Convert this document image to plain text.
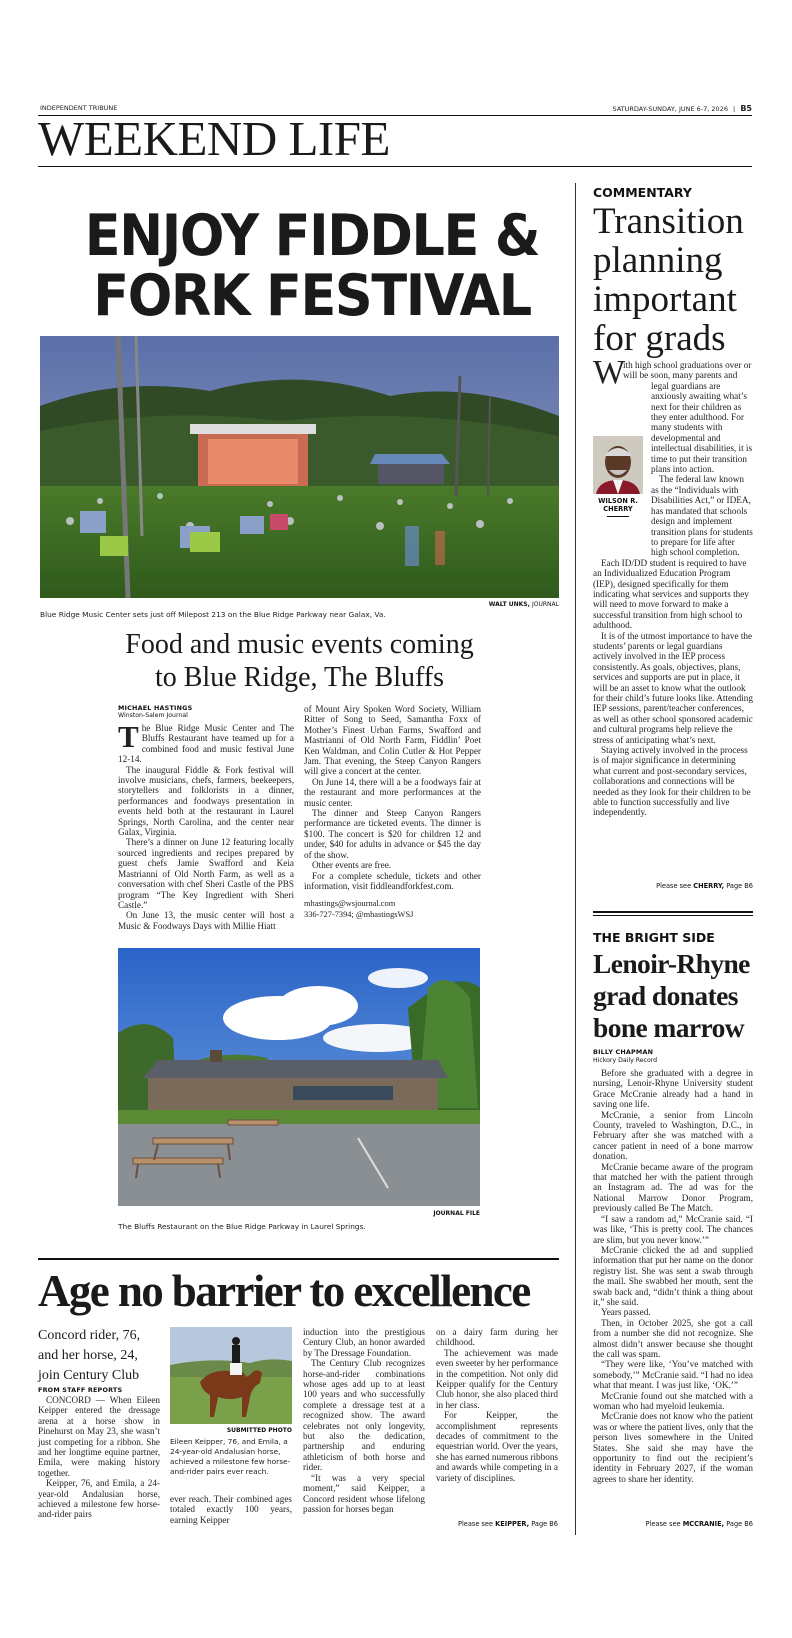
INDEPENDENT TRIBUNE	SATURDAY-SUNDAY, JUNE 6-7, 2026 | B5
WEEKEND LIFE
ENJOY FIDDLE &
FORK FESTIVAL
WALT UNKS, JOURNAL
Blue Ridge Music Center sets just off Milepost 213 on the Blue Ridge Parkway near Galax, Va.
Food and music events coming
to Blue Ridge, The Bluffs
MICHAEL HASTINGS
Winston-Salem Journal

The Blue Ridge Music Center and The Bluffs Restaurant have teamed up for a combined food and music festival June 12-14.

The inaugural Fiddle & Fork festival will involve musicians, chefs, farmers, beekeepers, storytellers and folklorists in a dinner, performances and foodways presentation in events held both at the restaurant in Laurel Springs, North Carolina, and the center near Galax, Virginia.

There’s a dinner on June 12 featuring locally sourced ingredients and recipes prepared by guest chefs Jamie Swafford and Keia Mastrianni of Old North Farm, as well as a conversation with chef Sheri Castle of the PBS program “The Key Ingredient with Sheri Castle.”

On June 13, the music center will host a Music & Foodways Days with Millie Hiatt

of Mount Airy Spoken Word Society, William Ritter of Song to Seed, Samantha Foxx of Mother’s Finest Urban Farms, Swafford and Mastrianni of Old North Farm, Fiddlin’ Poet Ken Waldman, and Colin Cutler & Hot Pepper Jam. That evening, the Steep Canyon Rangers will give a concert at the center.

On June 14, there will a be a foodways fair at the restaurant and more performances at the music center.

The dinner and Steep Canyon Rangers performance are ticketed events. The dinner is $100. The concert is $20 for children 12 and under, $40 for adults in advance or $45 the day of the show.

Other events are free.

For a complete schedule, tickets and other information, visit fiddleandforkfest.com.

mhastings@wsjournal.com

336-727-7394; @mhastingsWSJ

JOURNAL FILE
The Bluffs Restaurant on the Blue Ridge Parkway in Laurel Springs.
Age no barrier to excellence
Concord rider, 76, and her horse, 24, join Century Club
FROM STAFF REPORTS

CONCORD — When Eileen Keipper entered the dressage arena at a horse show in Pinehurst on May 23, she wasn’t just competing for a ribbon. She and her longtime equine partner, Emila, were making history together.

Keipper, 76, and Emila, a 24-year-old Andalusian horse, achieved a milestone few horse-and-rider pairs

SUBMITTED PHOTO
Eileen Keipper, 76, and Emila, a 24-year-old Andalusian horse, achieved a milestone few horse-and-rider pairs ever reach.

ever reach. Their combined ages totaled exactly 100 years, earning Keipper

induction into the prestigious Century Club, an honor awarded by The Dressage Foundation.

The Century Club recognizes horse-and-rider combinations whose ages add up to at least 100 years and who successfully complete a dressage test at a recognized show. The award celebrates not only longevity, but also the dedication, partnership and enduring athleticism of both horse and rider.

“It was a very special moment,” said Keipper, a Concord resident whose lifelong passion for horses began

on a dairy farm during her childhood.

The achievement was made even sweeter by her performance in the competition. Not only did Keipper qualify for the Century Club honor, she also placed third in her class.

For Keipper, the accomplishment represents decades of commitment to the equestrian world. Over the years, she has earned numerous ribbons and awards while competing in a variety of disciplines.

Please see KEIPPER, Page B6
COMMENTARY
Transition planning important for grads
W
ith high school graduations over or will be soon, many parents and legal guardians are anxiously awaiting what’s next for their children as they enter adulthood. For many students with developmental and intellectual disabilities, it is time to put their transition plans into action.
The federal law known as the “Individuals with Disabilities Act,” or IDEA, has mandated that schools design and implement transition plans for students to prepare for life after high school completion.
Each ID/DD student is required to have an Individualized Education Program (IEP), designed specifically for them indicating what services and supports they will need to move forward to make a successful transition from high school to adulthood.
It is of the utmost importance to have the students’ parents or legal guardians actively involved in the IEP process consistently. As goals, objectives, plans, services and supports are put in place, it will be an asset to know what the outlook for their child’s future looks like. Attending IEP sessions, parent/teacher conferences, as well as other school sponsored academic and cultural programs help relieve the stress of anticipating what’s next.
Staying actively involved in the process is of major significance in determining what current and post-secondary services, collaborations and connections will be needed as they look for their children to be able to function successfully and live independently.
WILSON R.
CHERRY
Please see CHERRY, Page B6
THE BRIGHT SIDE
Lenoir-Rhyne grad donates bone marrow
BILLY CHAPMAN
Hickory Daily Record

Before she graduated with a degree in nursing, Lenoir-Rhyne University student Grace McCranie already had a hand in saving one life.

McCranie, a senior from Lincoln County, traveled to Washington, D.C., in February after she was matched with a cancer patient in need of a bone marrow donation.

McCranie became aware of the program that matched her with the patient through an Instagram ad. The ad was for the National Marrow Donor Program, previously called Be The Match.

“I saw a random ad,” McCranie said. “I was like, ‘This is pretty cool. The chances are slim, but you never know.’”

McCranie clicked the ad and supplied information that put her name on the donor registry list. She was sent a swab through the mail. She swabbed her mouth, sent the swab back and, “didn’t think a thing about it,” she said.

Years passed.

Then, in October 2025, she got a call from a number she did not recognize. She almost didn’t answer because she thought the call was spam.

“They were like, ‘You’ve matched with somebody,’” McCranie said. “I had no idea what that meant. I was just like, ‘OK.’”

McCranie found out she matched with a woman who had myeloid leukemia.

McCranie does not know who the patient was or where the patient lives, only that the person lives somewhere in the United States. She said she may have the opportunity to find out the recipient’s identity in February 2027, if the woman agrees to share her identity.

Please see MCCRANIE, Page B6
